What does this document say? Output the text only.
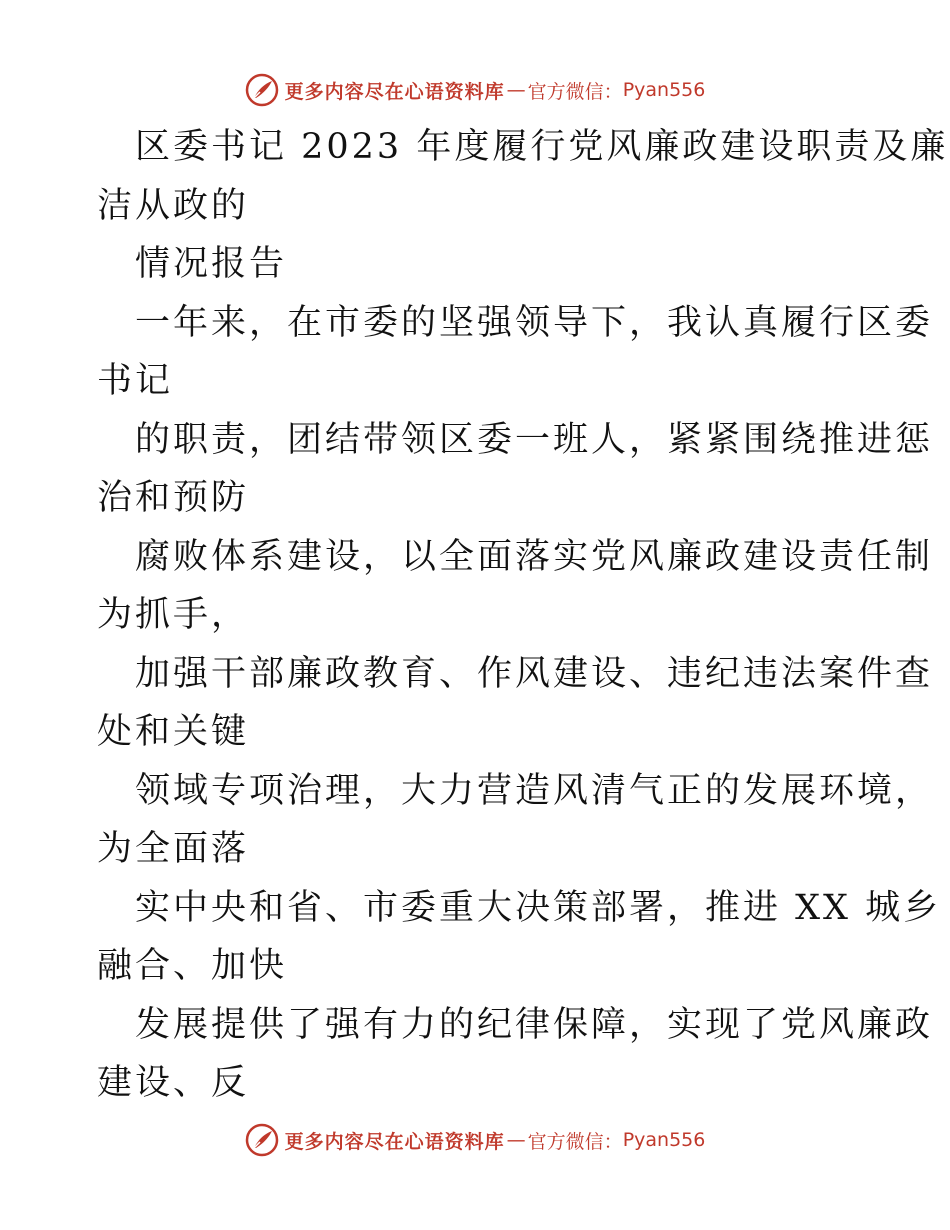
更多内容尽在心语资料库 — 官方微信： Pyan556
区委书记 2023 年度履行党风廉政建设职责及廉
洁从政的
情况报告
一年来，在市委的坚强领导下，我认真履行区委
书记
的职责，团结带领区委一班人，紧紧围绕推进惩
治和预防
腐败体系建设，以全面落实党风廉政建设责任制
为抓手，
加强干部廉政教育、作风建设、违纪违法案件查
处和关键
领域专项治理，大力营造风清气正的发展环境，
为全面落
实中央和省、市委重大决策部署，推进 XX 城乡
融合、加快
发展提供了强有力的纪律保障，实现了党风廉政
建设、反
更多内容尽在心语资料库 — 官方微信： Pyan556
